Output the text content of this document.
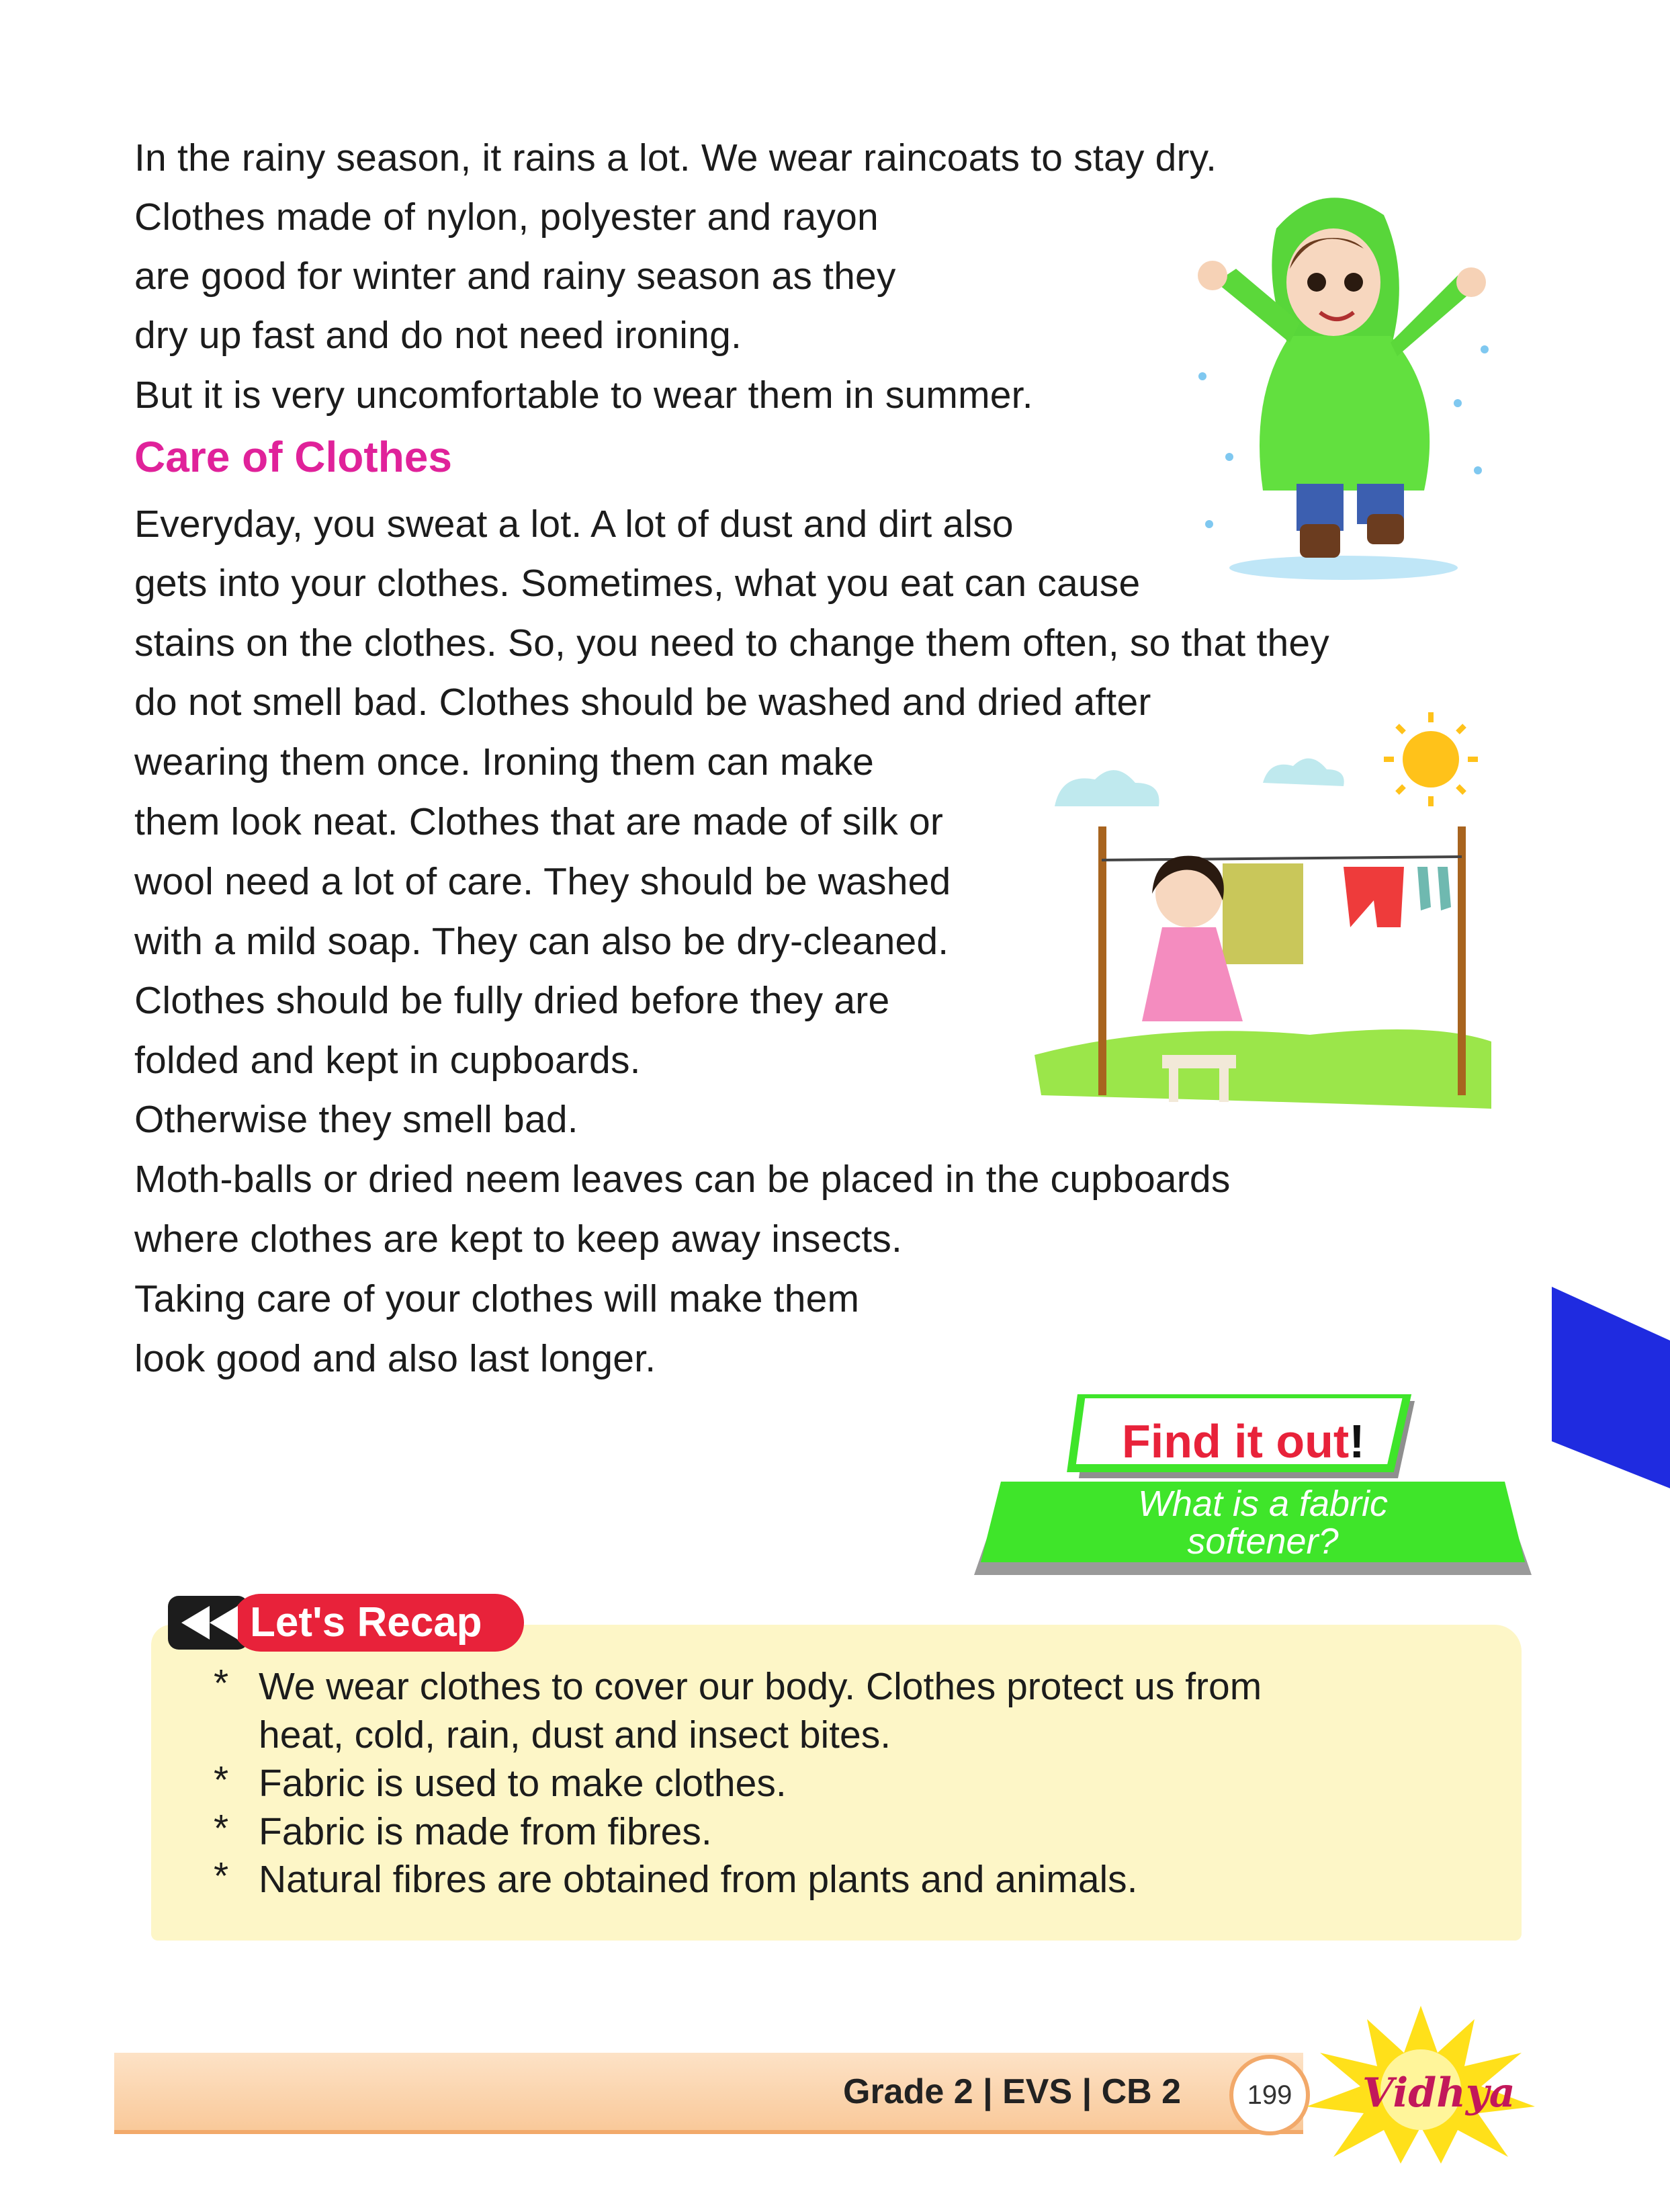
In the rainy season, it rains a lot. We wear raincoats to stay dry.
Clothes made of nylon, polyester and rayon
are good for winter and rainy season as they
dry up fast and do not need ironing.
But it is very uncomfortable to wear them in summer.
Care of Clothes
Everyday, you sweat a lot. A lot of dust and dirt also
gets into your clothes. Sometimes, what you eat can cause
stains on the clothes. So, you need to change them often, so that they
do not smell bad. Clothes should be washed and dried after
wearing them once. Ironing them can make
them look neat. Clothes that are made of silk or
wool need a lot of care. They should be washed
with a mild soap. They can also be dry-cleaned.
Clothes should be fully dried before they are
folded and kept in cupboards.
Otherwise they smell bad.
Moth-balls or dried neem leaves can be placed in the cupboards
where clothes are kept to keep away insects.
Taking care of your clothes will make them
look good and also last longer.
Find it out!
What is a fabric
softener?
Let's Recap
* We wear clothes to cover our body. Clothes protect us from
heat, cold, rain, dust and insect bites.
* Fabric is used to make clothes.
* Fabric is made from fibres.
* Natural fibres are obtained from plants and animals.
Grade 2 | EVS | CB 2	199	Vidhya
